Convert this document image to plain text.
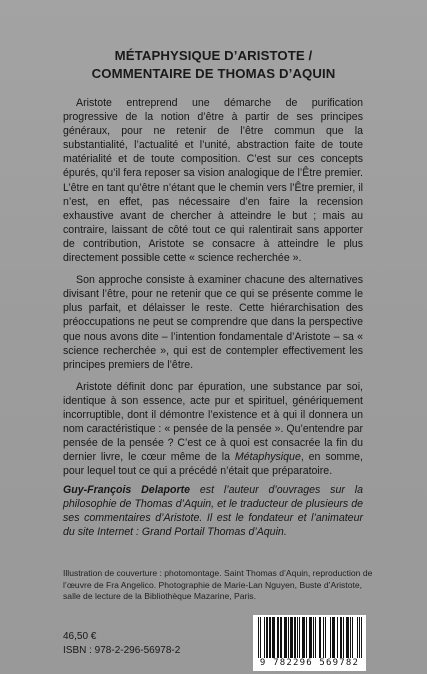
MÉTAPHYSIQUE D’ARISTOTE /
COMMENTAIRE DE THOMAS D’AQUIN

Aristote entreprend une démarche de purification progressive de la notion d’être à partir de ses principes généraux, pour ne retenir de l’être commun que la substantialité, l’actualité et l’unité, abstraction faite de toute matérialité et de toute composition. C’est sur ces concepts épurés, qu’il fera reposer sa vision analogique de l’Être premier. L’être en tant qu’être n’étant que le chemin vers l’Être premier, il n’est, en effet, pas nécessaire d’en faire la recension exhaustive avant de chercher à atteindre le but ; mais au contraire, laissant de côté tout ce qui ralentirait sans apporter de contribution, Aristote se consacre à atteindre le plus directement possible cette « science recherchée ».

Son approche consiste à examiner chacune des alternatives divisant l’être, pour ne retenir que ce qui se présente comme le plus parfait, et délaisser le reste. Cette hiérarchisation des préoccupations ne peut se comprendre que dans la perspective que nous avons dite – l’intention fondamentale d’Aristote – sa « science recherchée », qui est de contempler effectivement les principes premiers de l’être.

Aristote définit donc par épuration, une substance par soi, identique à son essence, acte pur et spirituel, génériquement incorruptible, dont il démontre l’existence et à qui il donnera un nom caractéristique : « pensée de la pensée ». Qu’entendre par pensée de la pensée ? C’est ce à quoi est consacrée la fin du dernier livre, le cœur même de la Métaphysique, en somme, pour lequel tout ce qui a précédé n’était que préparatoire.

Guy-François Delaporte est l’auteur d’ouvrages sur la philosophie de Thomas d’Aquin, et le traducteur de plusieurs de ses commentaires d’Aristote. Il est le fondateur et l’animateur du site Internet : Grand Portail Thomas d’Aquin.
Illustration de couverture : photomontage. Saint Thomas d’Aquin, reproduction de l’œuvre de Fra Angelico. Photographie de Marie-Lan Nguyen, Buste d’Aristote, salle de lecture de la Bibliothèque Mazarine, Paris.
46,50 €
ISBN : 978-2-296-56978-2
9 782296 569782
